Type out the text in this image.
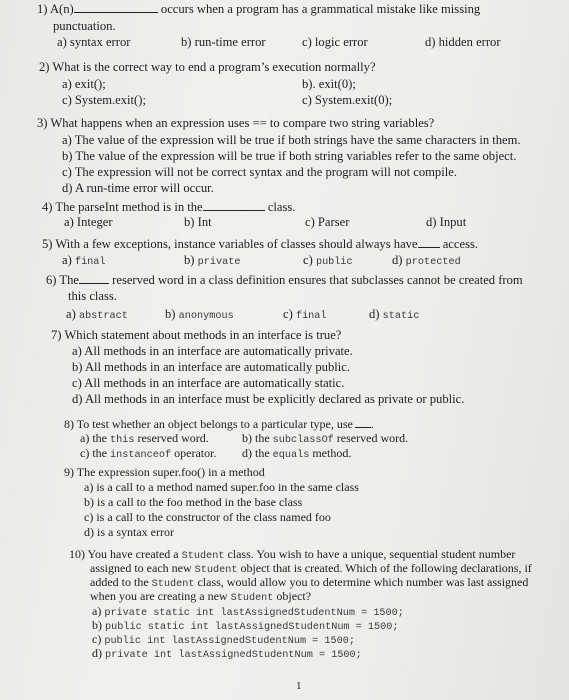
1) A(n)	occurs when a program has a grammatical mistake like missing
punctuation.
a) syntax error	b) run-time error	c) logic error	d) hidden error
2) What is the correct way to end a program’s execution normally?
a) exit();	b). exit(0);
c) System.exit();	c) System.exit(0);
3) What happens when an expression uses == to compare two string variables?
a) The value of the expression will be true if both strings have the same characters in them.
b) The value of the expression will be true if both string variables refer to the same object.
c) The expression will not be correct syntax and the program will not compile.
d) A run-time error will occur.
4) The parseInt method is in the	class.
a) Integer	b) Int	c) Parser	d) Input
5) With a few exceptions, instance variables of classes should always have access.
a) final	b) private	c) public	d) protected
6) The	reserved word in a class definition ensures that subclasses cannot be created from
this class.
a) abstract	b) anonymous	c) final	d) static
7) Which statement about methods in an interface is true?
a) All methods in an interface are automatically private.
b) All methods in an interface are automatically public.
c) All methods in an interface are automatically static.
d) All methods in an interface must be explicitly declared as private or public.
8) To test whether an object belongs to a particular type, use .
a) the this reserved word.	b) the subclassOf reserved word.
c) the instanceof operator. d) the equals method.
9) The expression super.foo() in a method
a) is a call to a method named super.foo in the same class
b) is a call to the foo method in the base class
c) is a call to the constructor of the class named foo
d) is a syntax error
10) You have created a Student class. You wish to have a unique, sequential student number
assigned to each new Student object that is created. Which of the following declarations, if
added to the Student class, would allow you to determine which number was last assigned
when you are creating a new Student object?
a) private static int lastAssignedStudentNum = 1500;
b) public static int lastAssignedStudentNum = 1500;
c) public int lastAssignedStudentNum = 1500;
d) private int lastAssignedStudentNum = 1500;
1
